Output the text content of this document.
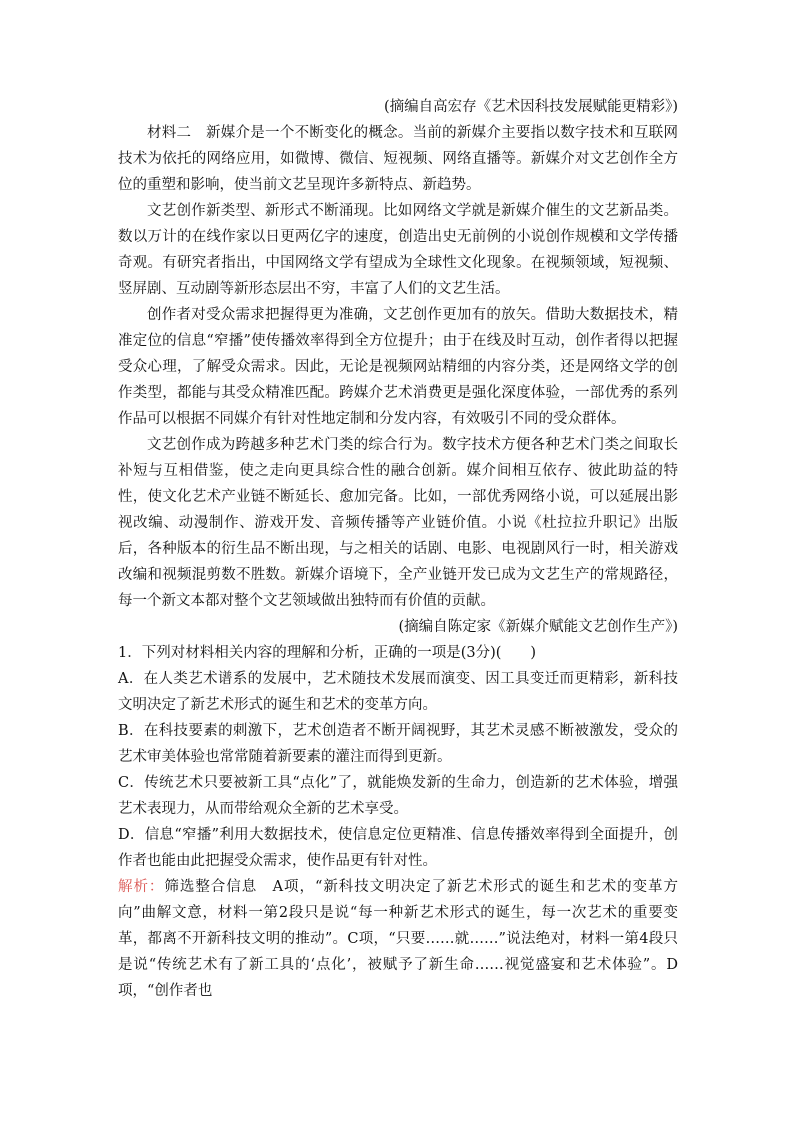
(摘编自高宏存《艺术因科技发展赋能更精彩》)

材料二　新媒介是一个不断变化的概念。当前的新媒介主要指以数字技术和互联网技术为依托的网络应用，如微博、微信、短视频、网络直播等。新媒介对文艺创作全方位的重塑和影响，使当前文艺呈现许多新特点、新趋势。

文艺创作新类型、新形式不断涌现。比如网络文学就是新媒介催生的文艺新品类。数以万计的在线作家以日更两亿字的速度，创造出史无前例的小说创作规模和文学传播奇观。有研究者指出，中国网络文学有望成为全球性文化现象。在视频领域，短视频、竖屏剧、互动剧等新形态层出不穷，丰富了人们的文艺生活。

创作者对受众需求把握得更为准确，文艺创作更加有的放矢。借助大数据技术，精准定位的信息“窄播”使传播效率得到全方位提升；由于在线及时互动，创作者得以把握受众心理，了解受众需求。因此，无论是视频网站精细的内容分类，还是网络文学的创作类型，都能与其受众精准匹配。跨媒介艺术消费更是强化深度体验，一部优秀的系列作品可以根据不同媒介有针对性地定制和分发内容，有效吸引不同的受众群体。

文艺创作成为跨越多种艺术门类的综合行为。数字技术方便各种艺术门类之间取长补短与互相借鉴，使之走向更具综合性的融合创新。媒介间相互依存、彼此助益的特性，使文化艺术产业链不断延长、愈加完备。比如，一部优秀网络小说，可以延展出影视改编、动漫制作、游戏开发、音频传播等产业链价值。小说《杜拉拉升职记》出版后，各种版本的衍生品不断出现，与之相关的话剧、电影、电视剧风行一时，相关游戏改编和视频混剪数不胜数。新媒介语境下，全产业链开发已成为文艺生产的常规路径，每一个新文本都对整个文艺领域做出独特而有价值的贡献。

(摘编自陈定家《新媒介赋能文艺创作生产》)

1．下列对材料相关内容的理解和分析，正确的一项是(3分)(　　)

A．在人类艺术谱系的发展中，艺术随技术发展而演变、因工具变迁而更精彩，新科技文明决定了新艺术形式的诞生和艺术的变革方向。

B．在科技要素的刺激下，艺术创造者不断开阔视野，其艺术灵感不断被激发，受众的艺术审美体验也常常随着新要素的灌注而得到更新。

C．传统艺术只要被新工具“点化”了，就能焕发新的生命力，创造新的艺术体验，增强艺术表现力，从而带给观众全新的艺术享受。

D．信息“窄播”利用大数据技术，使信息定位更精准、信息传播效率得到全面提升，创作者也能由此把握受众需求，使作品更有针对性。

解析：筛选整合信息　A项，“新科技文明决定了新艺术形式的诞生和艺术的变革方向”曲解文意，材料一第2段只是说“每一种新艺术形式的诞生，每一次艺术的重要变革，都离不开新科技文明的推动”。C项，“只要……就……”说法绝对，材料一第4段只是说“传统艺术有了新工具的‘点化’，被赋予了新生命……视觉盛宴和艺术体验”。D项，“创作者也
